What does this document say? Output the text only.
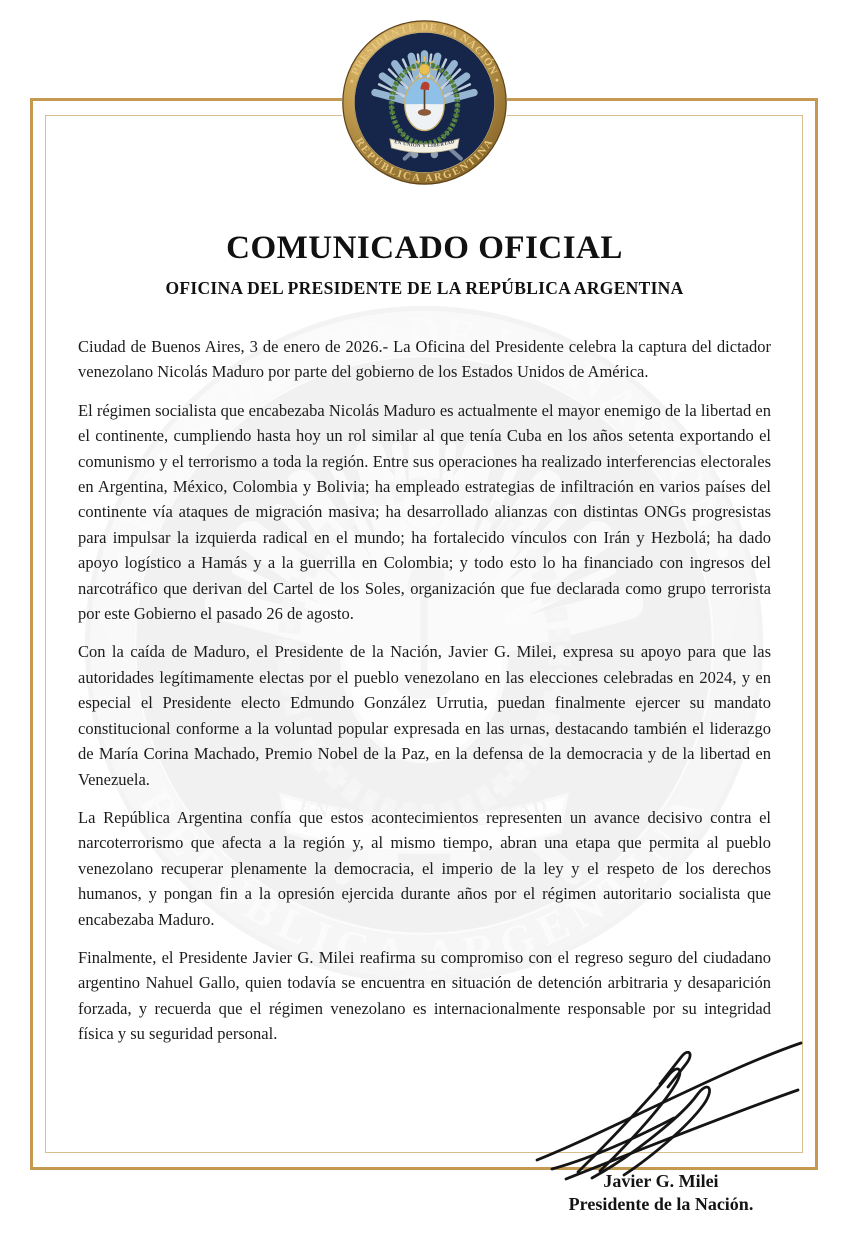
• PRESIDENTE DE LA NACIÓN •
REPÚBLICA ARGENTINA
EN UNIÓN Y LIBERTAD
COMUNICADO OFICIAL
OFICINA DEL PRESIDENTE DE LA REPÚBLICA ARGENTINA

Ciudad de Buenos Aires, 3 de enero de 2026.- La Oficina del Presidente celebra la captura del dictador venezolano Nicolás Maduro por parte del gobierno de los Estados Unidos de América.

El régimen socialista que encabezaba Nicolás Maduro es actualmente el mayor enemigo de la libertad en el continente, cumpliendo hasta hoy un rol similar al que tenía Cuba en los años setenta exportando el comunismo y el terrorismo a toda la región. Entre sus operaciones ha realizado interferencias electorales en Argentina, México, Colombia y Bolivia; ha empleado estrategias de infiltración en varios países del continente vía ataques de migración masiva; ha desarrollado alianzas con distintas ONGs progresistas para impulsar la izquierda radical en el mundo; ha fortalecido vínculos con Irán y Hezbolá; ha dado apoyo logístico a Hamás y a la guerrilla en Colombia; y todo esto lo ha financiado con ingresos del narcotráfico que derivan del Cartel de los Soles, organización que fue declarada como grupo terrorista por este Gobierno el pasado 26 de agosto.

Con la caída de Maduro, el Presidente de la Nación, Javier G. Milei, expresa su apoyo para que las autoridades legítimamente electas por el pueblo venezolano en las elecciones celebradas en 2024, y en especial el Presidente electo Edmundo González Urrutia, puedan finalmente ejercer su mandato constitucional conforme a la voluntad popular expresada en las urnas, destacando también el liderazgo de María Corina Machado, Premio Nobel de la Paz, en la defensa de la democracia y de la libertad en Venezuela.

La República Argentina confía que estos acontecimientos representen un avance decisivo contra el narcoterrorismo que afecta a la región y, al mismo tiempo, abran una etapa que permita al pueblo venezolano recuperar plenamente la democracia, el imperio de la ley y el respeto de los derechos humanos, y pongan fin a la opresión ejercida durante años por el régimen autoritario socialista que encabezaba Maduro.

Finalmente, el Presidente Javier G. Milei reafirma su compromiso con el regreso seguro del ciudadano argentino Nahuel Gallo, quien todavía se encuentra en situación de detención arbitraria y desaparición forzada, y recuerda que el régimen venezolano es internacionalmente responsable por su integridad física y su seguridad personal.

Javier G. Milei
Presidente de la Nación.
